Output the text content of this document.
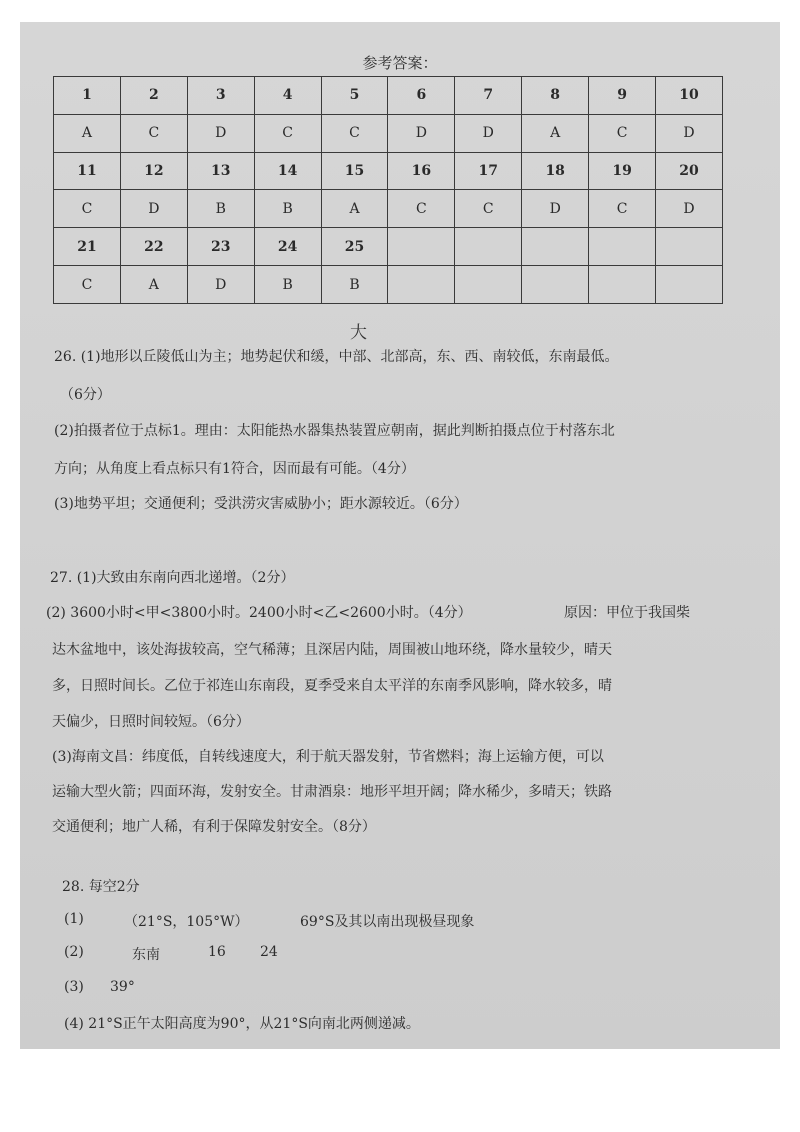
参考答案：
1	2	3	4	5	6	7	8	9	10
A	C	D	C	C	D	D	A	C	D
11	12	13	14	15	16	17	18	19	20
C	D	B	B	A	C	C	D	C	D
21	22	23	24	25					
C	A	D	B	B					
大
26. (1)地形以丘陵低山为主；地势起伏和缓，中部、北部高，东、西、南较低，东南最低。
（6分）
(2)拍摄者位于点标1。理由：太阳能热水器集热装置应朝南，据此判断拍摄点位于村落东北
方向；从角度上看点标只有1符合，因而最有可能。（4分）
(3)地势平坦；交通便利；受洪涝灾害威胁小；距水源较近。（6分）
27. (1)大致由东南向西北递增。（2分）
(2) 3600小时<甲<3800小时。2400小时<乙<2600小时。（4分）	原因：甲位于我国柴
达木盆地中，该处海拔较高，空气稀薄；且深居内陆，周围被山地环绕，降水量较少，晴天
多，日照时间长。乙位于祁连山东南段，夏季受来自太平洋的东南季风影响，降水较多，晴
天偏少，日照时间较短。（6分）
(3)海南文昌：纬度低，自转线速度大，利于航天器发射，节省燃料；海上运输方便，可以
运输大型火箭；四面环海，发射安全。甘肃酒泉：地形平坦开阔；降水稀少，多晴天；铁路
交通便利；地广人稀，有利于保障发射安全。（8分）
28. 每空2分
(1)	（21°S，105°W）	69°S及其以南出现极昼现象
(2)	东南	16 24
(3) 39°
(4) 21°S正午太阳高度为90°，从21°S向南北两侧递减。
